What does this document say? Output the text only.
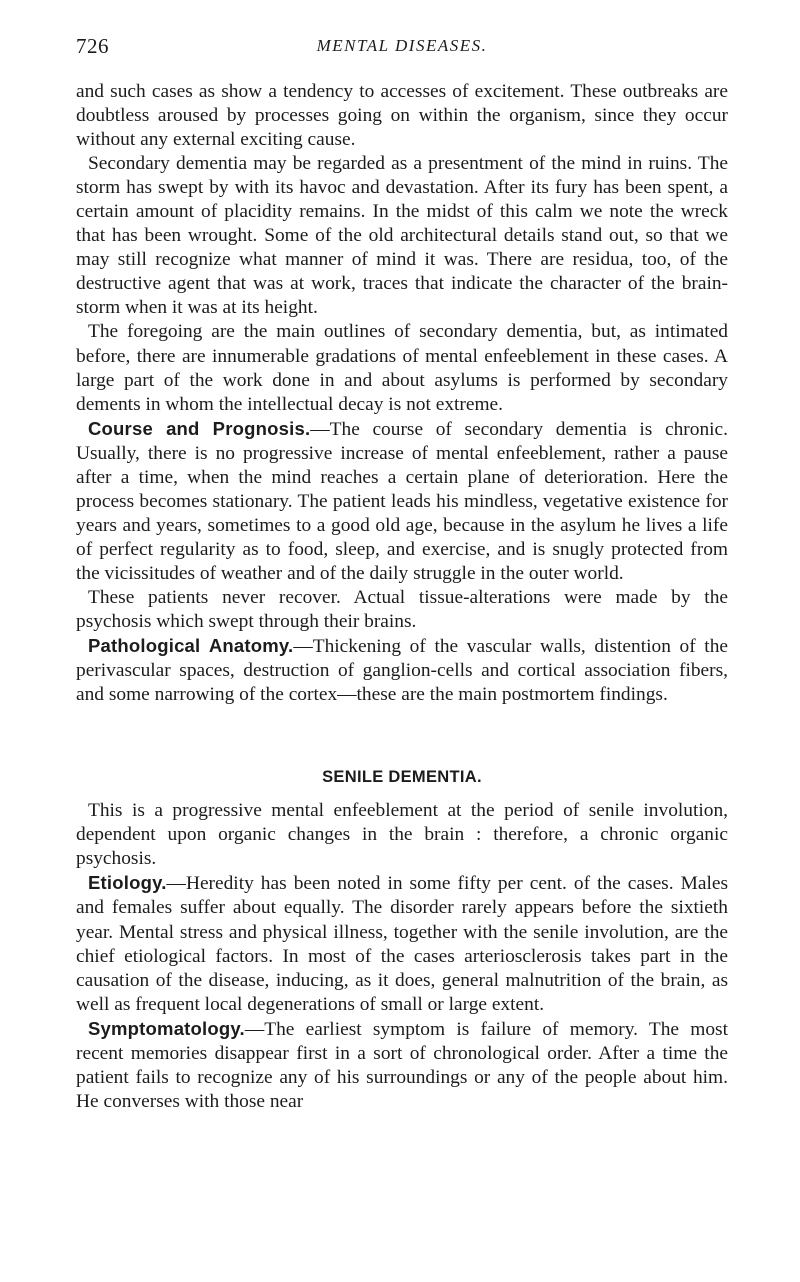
726	MENTAL DISEASES.

and such cases as show a tendency to accesses of excitement. These outbreaks are doubtless aroused by processes going on within the organism, since they occur without any external exciting cause.

Secondary dementia may be regarded as a presentment of the mind in ruins. The storm has swept by with its havoc and devastation. After its fury has been spent, a certain amount of placidity remains. In the midst of this calm we note the wreck that has been wrought. Some of the old architectural details stand out, so that we may still recognize what manner of mind it was. There are residua, too, of the destructive agent that was at work, traces that indicate the character of the brain-storm when it was at its height.

The foregoing are the main outlines of secondary dementia, but, as intimated before, there are innumerable gradations of mental enfeeblement in these cases. A large part of the work done in and about asylums is performed by secondary dements in whom the intellectual decay is not extreme.

Course and Prognosis.—The course of secondary dementia is chronic. Usually, there is no progressive increase of mental enfeeblement, rather a pause after a time, when the mind reaches a certain plane of deterioration. Here the process becomes stationary. The patient leads his mindless, vegetative existence for years and years, sometimes to a good old age, because in the asylum he lives a life of perfect regularity as to food, sleep, and exercise, and is snugly protected from the vicissitudes of weather and of the daily struggle in the outer world.

These patients never recover. Actual tissue-alterations were made by the psychosis which swept through their brains.

Pathological Anatomy.—Thickening of the vascular walls, distention of the perivascular spaces, destruction of ganglion-cells and cortical association fibers, and some narrowing of the cortex—these are the main postmortem findings.

SENILE DEMENTIA.

This is a progressive mental enfeeblement at the period of senile involution, dependent upon organic changes in the brain : therefore, a chronic organic psychosis.

Etiology.—Heredity has been noted in some fifty per cent. of the cases. Males and females suffer about equally. The disorder rarely appears before the sixtieth year. Mental stress and physical illness, together with the senile involution, are the chief etiological factors. In most of the cases arteriosclerosis takes part in the causation of the disease, inducing, as it does, general malnutrition of the brain, as well as frequent local degenerations of small or large extent.

Symptomatology.—The earliest symptom is failure of memory. The most recent memories disappear first in a sort of chronological order. After a time the patient fails to recognize any of his surroundings or any of the people about him. He converses with those near
